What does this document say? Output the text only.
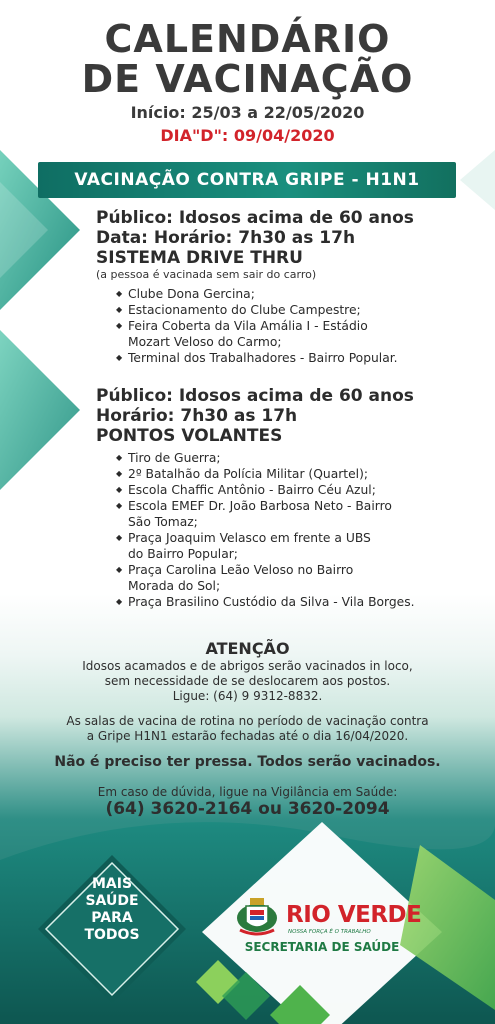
CALENDÁRIO
DE VACINAÇÃO
Início: 25/03 a 22/05/2020
DIA"D": 09/04/2020
VACINAÇÃO CONTRA GRIPE - H1N1
Público: Idosos acima de 60 anos
Data: Horário: 7h30 as 17h
SISTEMA DRIVE THRU
(a pessoa é vacinada sem sair do carro)
◆ Clube Dona Gercina;
◆ Estacionamento do Clube Campestre;
◆ Feira Coberta da Vila Amália I - Estádio
Mozart Veloso do Carmo;
◆ Terminal dos Trabalhadores - Bairro Popular.
Público: Idosos acima de 60 anos
Horário: 7h30 as 17h
PONTOS VOLANTES
◆ Tiro de Guerra;
◆ 2º Batalhão da Polícia Militar (Quartel);
◆ Escola Chaffic Antônio - Bairro Céu Azul;
◆ Escola EMEF Dr. João Barbosa Neto - Bairro
São Tomaz;
◆ Praça Joaquim Velasco em frente a UBS
do Bairro Popular;
◆ Praça Carolina Leão Veloso no Bairro
Morada do Sol;
◆ Praça Brasilino Custódio da Silva - Vila Borges.
ATENÇÃO
Idosos acamados e de abrigos serão vacinados in loco,
sem necessidade de se deslocarem aos postos.
Ligue: (64) 9 9312-8832.
As salas de vacina de rotina no período de vacinação contra
a Gripe H1N1 estarão fechadas até o dia 16/04/2020.
Não é preciso ter pressa. Todos serão vacinados.
Em caso de dúvida, ligue na Vigilância em Saúde:
(64) 3620-2164 ou 3620-2094
MAIS
SAÚDE
PARA
TODOS
RIO VERDE
NOSSA FORÇA É O TRABALHO
SECRETARIA DE SAÚDE
